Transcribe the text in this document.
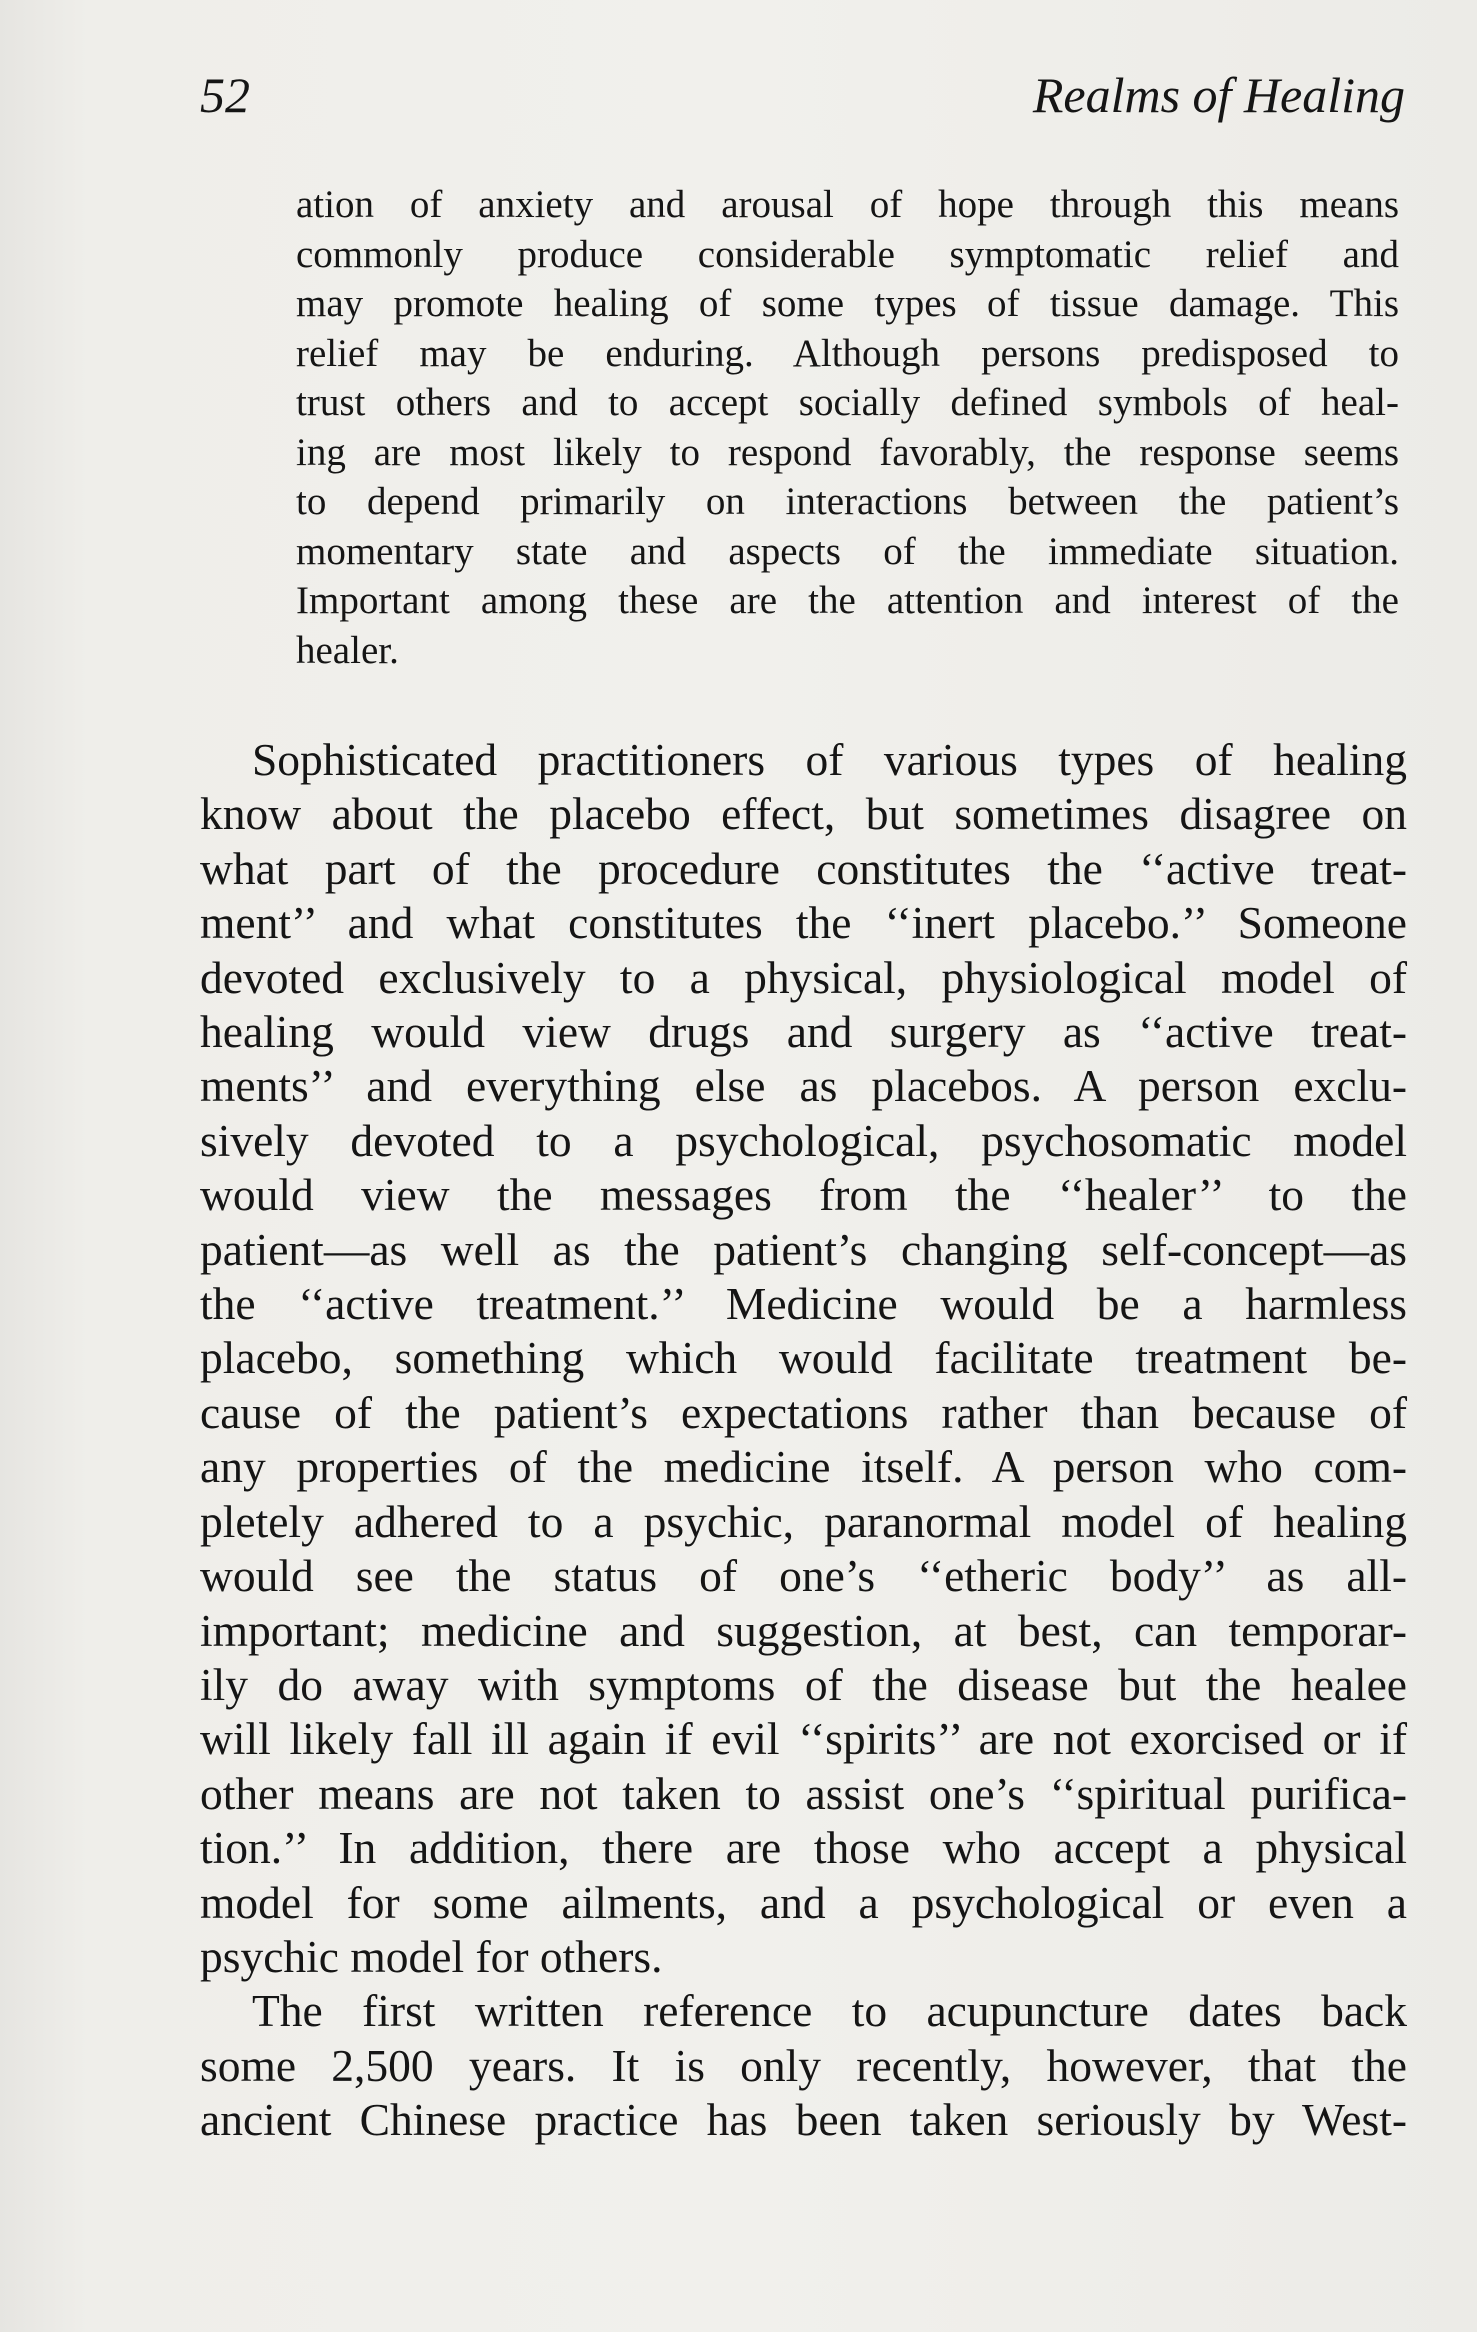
52	Realms of Healing
ation of anxiety and arousal of hope through this means
commonly produce considerable symptomatic relief and
may promote healing of some types of tissue damage. This
relief may be enduring. Although persons predisposed to
trust others and to accept socially defined symbols of heal-
ing are most likely to respond favorably, the response seems
to depend primarily on interactions between the patient’s
momentary state and aspects of the immediate situation.
Important among these are the attention and interest of the
healer.

Sophisticated practitioners of various types of healing
know about the placebo effect, but sometimes disagree on
what part of the procedure constitutes the ‘‘active treat-
ment’’ and what constitutes the ‘‘inert placebo.’’ Someone
devoted exclusively to a physical, physiological model of
healing would view drugs and surgery as ‘‘active treat-
ments’’ and everything else as placebos. A person exclu-
sively devoted to a psychological, psychosomatic model
would view the messages from the ‘‘healer’’ to the
patient—as well as the patient’s changing self-concept—as
the ‘‘active treatment.’’ Medicine would be a harmless
placebo, something which would facilitate treatment be-
cause of the patient’s expectations rather than because of
any properties of the medicine itself. A person who com-
pletely adhered to a psychic, paranormal model of healing
would see the status of one’s ‘‘etheric body’’ as all-
important; medicine and suggestion, at best, can temporar-
ily do away with symptoms of the disease but the healee
will likely fall ill again if evil ‘‘spirits’’ are not exorcised or if
other means are not taken to assist one’s ‘‘spiritual purifica-
tion.’’ In addition, there are those who accept a physical
model for some ailments, and a psychological or even a
psychic model for others.

The first written reference to acupuncture dates back
some 2,500 years. It is only recently, however, that the
ancient Chinese practice has been taken seriously by West-
